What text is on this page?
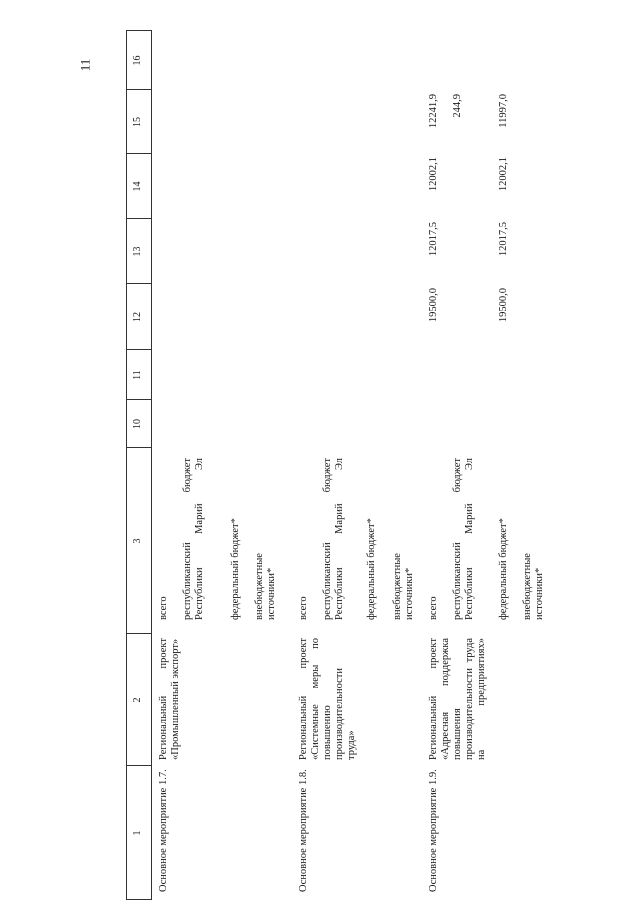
11
1
2
3
10
11
12
13
14
15
16
Основное мероприятие 1.7.
Региональный проект «Промышленный экспорт»
всего республиканский бюджет Республики Марий Эл федеральный бюджет* внебюджетные источники*
Основное мероприятие 1.8.
Региональный проект «Системные меры по повышению производительности труда»
всего республиканский бюджет Республики Марий Эл федеральный бюджет* внебюджетные источники*
Основное мероприятие 1.9.
Региональный проект «Адресная поддержка повышения производительности труда на предприятиях»
всего республиканский бюджет Республики Марий Эл федеральный бюджет* внебюджетные источники*
19500,0
12017,5
12002,1
12241,9 244,9
19500,0
12017,5
12002,1
11997,0
